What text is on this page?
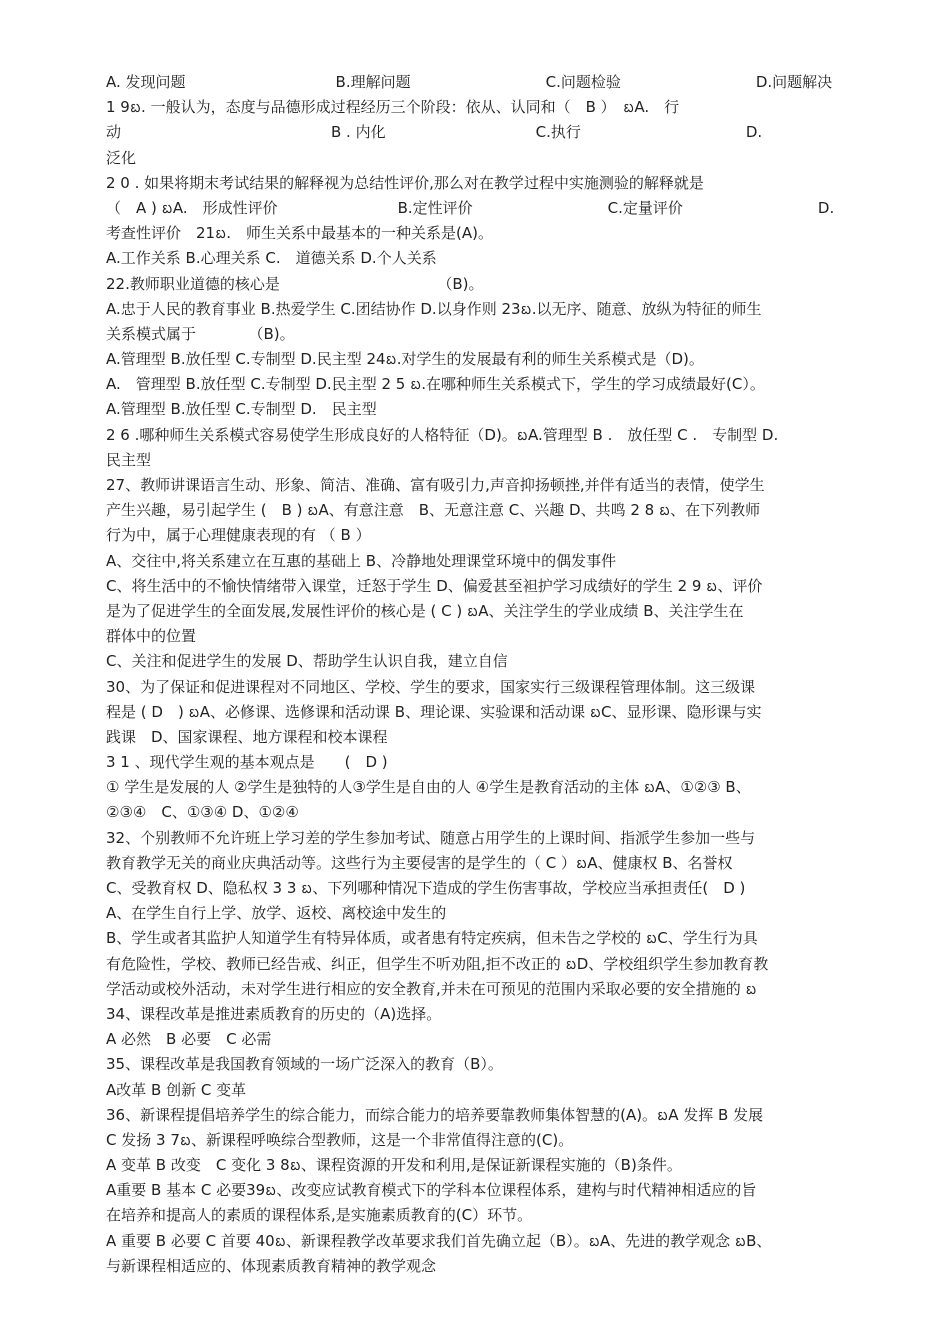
A. 发现问题　　　　　　　　　　B.理解问题　　　　　　　　　C.问题检验　　　　　　　　　D.问题解决
1 9ᨭ. 一般认为，态度与品德形成过程经历三个阶段：依从、认同和（　B ）　ᨭA.　行
动　　　　　　　　　　　　　　B . 内化　　　　　　　　　　C.执行　　　　　　　　　　　D.
泛化
2 0 . 如果将期末考试结果的解释视为总结性评价,那么对在教学过程中实施测验的解释就是
（　A ) ᨭA.　形成性评价　　　　　　　　B.定性评价　　　　　　　　　C.定量评价　　　　　　　　　D.
考查性评价　21ᨭ.　师生关系中最基本的一种关系是(A)。
A.工作关系 B.心理关系 C.　道德关系 D.个人关系
22.教师职业道德的核心是　　　　　　　　　　　（B)。
A.忠于人民的教育事业 B.热爱学生 C.团结协作 D.以身作则 23ᨭ.以无序、随意、放纵为特征的师生
关系模式属于　　　　（B)。
A.管理型 B.放任型 C.专制型 D.民主型 24ᨭ.对学生的发展最有利的师生关系模式是（D)。
A.　管理型 B.放任型 C.专制型 D.民主型 2 5 ᨭ.在哪种师生关系模式下，学生的学习成绩最好(C）。
A.管理型 B.放任型 C.专制型 D.　民主型
2 6 .哪种师生关系模式容易使学生形成良好的人格特征（D)。ᨭA.管理型 B .　放任型 C .　专制型 D.
民主型
27、教师讲课语言生动、形象、简洁、准确、富有吸引力,声音抑扬顿挫,并伴有适当的表情，使学生
产生兴趣，易引起学生 (　B ) ᨭA、有意注意　B、无意注意 C、兴趣 D、共鸣 2 8 ᨭ、在下列教师
行为中，属于心理健康表现的有 （ B ）
A、交往中,将关系建立在互惠的基础上 B、冷静地处理课堂环境中的偶发事件
C、将生活中的不愉快情绪带入课堂，迁怒于学生 D、偏爱甚至袒护学习成绩好的学生 2 9 ᨭ、评价
是为了促进学生的全面发展,发展性评价的核心是 ( C ) ᨭA、关注学生的学业成绩 B、关注学生在
群体中的位置
C、关注和促进学生的发展 D、帮助学生认识自我，建立自信
30、为了保证和促进课程对不同地区、学校、学生的要求，国家实行三级课程管理体制。这三级课
程是 ( D　) ᨭA、必修课、选修课和活动课 B、理论课、实验课和活动课 ᨭC、显形课、隐形课与实
践课　D、国家课程、地方课程和校本课程
3 1 、现代学生观的基本观点是　　(　D )
① 学生是发展的人 ②学生是独特的人③学生是自由的人 ④学生是教育活动的主体 ᨭA、①②③ B、
②③④　C、①③④ D、①②④
32、个别教师不允许班上学习差的学生参加考试、随意占用学生的上课时间、指派学生参加一些与
教育教学无关的商业庆典活动等。这些行为主要侵害的是学生的（ C ）ᨭA、健康权 B、名誉权
C、受教育权 D、隐私权 3 3 ᨭ、下列哪种情况下造成的学生伤害事故，学校应当承担责任(　D )
A、在学生自行上学、放学、返校、离校途中发生的
B、学生或者其监护人知道学生有特异体质，或者患有特定疾病，但未告之学校的 ᨭC、学生行为具
有危险性，学校、教师已经告戒、纠正，但学生不听劝阻,拒不改正的 ᨭD、学校组织学生参加教育教
学活动或校外活动，未对学生进行相应的安全教育,并未在可预见的范围内采取必要的安全措施的 ᨭ
34、课程改革是推进素质教育的历史的（A)选择。
A 必然　B 必要　C 必需
35、课程改革是我国教育领域的一场广泛深入的教育（B）。
A改革 B 创新 C 变革
36、新课程提倡培养学生的综合能力，而综合能力的培养要靠教师集体智慧的(A)。ᨭA 发挥 B 发展
C 发扬 3 7ᨭ、新课程呼唤综合型教师，这是一个非常值得注意的(C)。
A 变革 B 改变　C 变化 3 8ᨭ、课程资源的开发和利用,是保证新课程实施的（B)条件。
A重要 B 基本 C 必要39ᨭ、改变应试教育模式下的学科本位课程体系，建构与时代精神相适应的旨
在培养和提高人的素质的课程体系,是实施素质教育的(C）环节。
A 重要 B 必要 C 首要 40ᨭ、新课程教学改革要求我们首先确立起（B）。ᨭA、先进的教学观念 ᨭB、
与新课程相适应的、体现素质教育精神的教学观念
